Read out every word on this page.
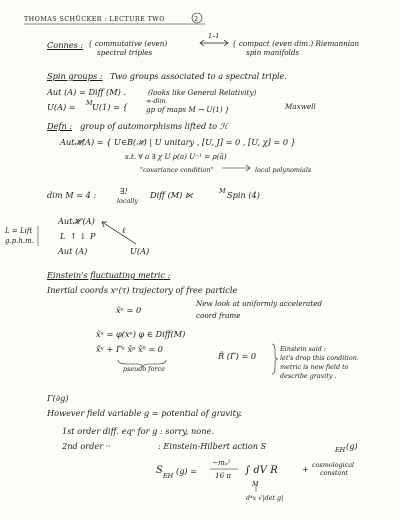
THOMAS SCHÜCKER : LECTURE TWO	2
Connes : { commutative (even)
spectral triples
1–1
{ compact (even dim.) Riemannian
spin manifolds
Spin groups : Two groups associated to a spectral triple.
Aut (A) = Diff (M) .	(looks like General Relativity)
U(A) = M U(1) = {
∞-dim
gp of maps M → U(1) }	Maxwell
Defn : group of automorphisms lifted to ℋ
Aut𝓗(A) = { U∈B(ℋ) | U unitary , [U, J] = 0 , [U, χ] = 0 }
s.t. ∀ a ∃ χ U ρ(a) U⁻¹ = ρ(ã)
"covariance condition"	local polynomials
dim M = 4 :	∃!
locally
Diff (M) ⋉	M Spin (4)
L = Lift
g.p.h.m.
Aut𝓗 (A)
L ↑ ↓ P
ℓ
Aut (A)	U(A)
Einstein's fluctuating metric :
Inertial coords xᵘ(τ) trajectory of free particle
ẍᵘ = 0
New look at uniformly accelerated
coord frame
x̃ᵘ = φ(xᵘ) φ ∈ Diff(M)
ẍ̃ᵘ + Γ̃ᵘ ẋ̃ᵖ ẋ̃ᵟ = 0
pseudo force
R̃ (Γ̃) = 0
Einstein said :
let's drop this condition.
metric is new field to
describe gravity .
Γ(∂g)
However field variable g = potential of gravity.
1st order diff. eqⁿ for g : sorry, none.
2nd order ··	: Einstein-Hilbert action S	EH (g)
S EH (g) =
−mₚ²
16 π ∫ dV R
M
+ cosmological
constant
d⁴x √|det g|
